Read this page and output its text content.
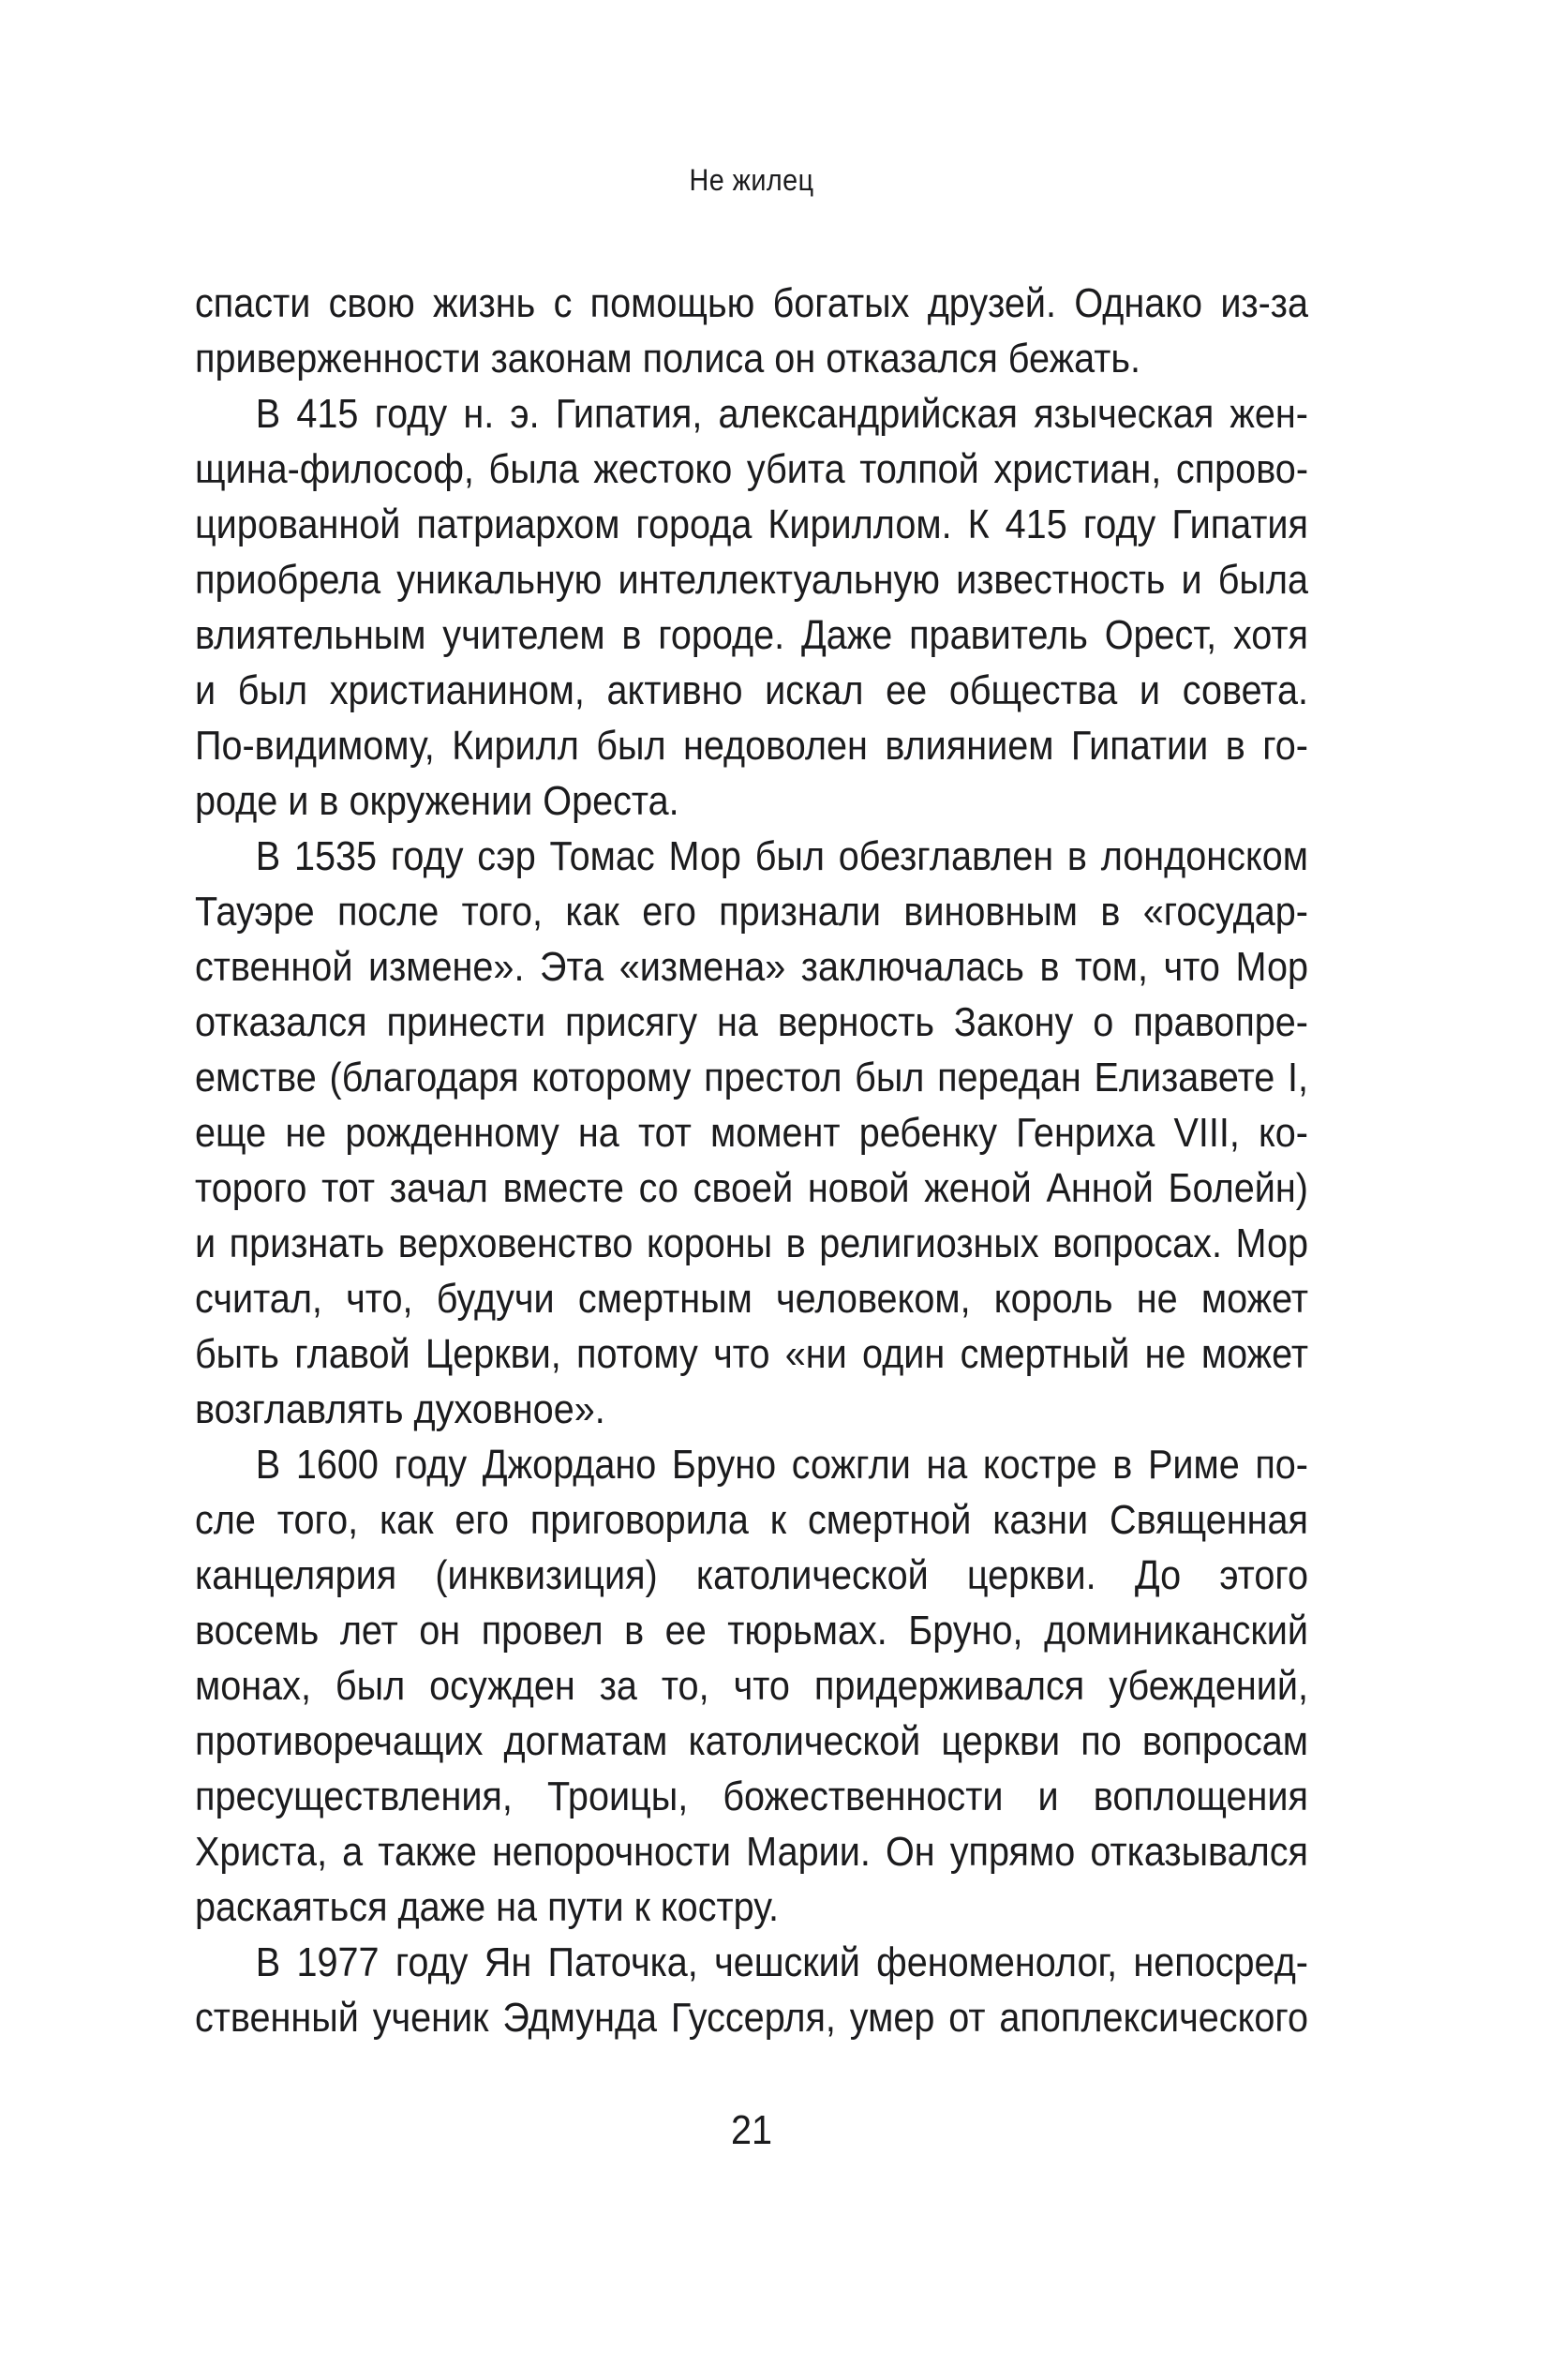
Не жилец
спасти свою жизнь с помощью богатых друзей. Однако из-за
приверженности законам полиса он отказался бежать.
В 415 году н. э. Гипатия, александрийская языческая жен-
щина-философ, была жестоко убита толпой христиан, спрово-
цированной патриархом города Кириллом. К 415 году Гипатия
приобрела уникальную интеллектуальную известность и была
влиятельным учителем в городе. Даже правитель Орест, хотя
и был христианином, активно искал ее общества и совета.
По-видимому, Кирилл был недоволен влиянием Гипатии в го-
роде и в окружении Ореста.
В 1535 году сэр Томас Мор был обезглавлен в лондонском
Тауэре после того, как его признали виновным в «государ-
ственной измене». Эта «измена» заключалась в том, что Мор
отказался принести присягу на верность Закону о правопре-
емстве (благодаря которому престол был передан Елизавете I,
еще не рожденному на тот момент ребенку Генриха VIII, ко-
торого тот зачал вместе со своей новой женой Анной Болейн)
и признать верховенство короны в религиозных вопросах. Мор
считал, что, будучи смертным человеком, король не может
быть главой Церкви, потому что «ни один смертный не может
возглавлять духовное».
В 1600 году Джордано Бруно сожгли на костре в Риме по-
сле того, как его приговорила к смертной казни Священная
канцелярия (инквизиция) католической церкви. До этого
восемь лет он провел в ее тюрьмах. Бруно, доминиканский
монах, был осужден за то, что придерживался убеждений,
противоречащих догматам католической церкви по вопросам
пресуществления, Троицы, божественности и воплощения
Христа, а также непорочности Марии. Он упрямо отказывался
раскаяться даже на пути к костру.
В 1977 году Ян Паточка, чешский феноменолог, непосред-
ственный ученик Эдмунда Гуссерля, умер от апоплексического
21
